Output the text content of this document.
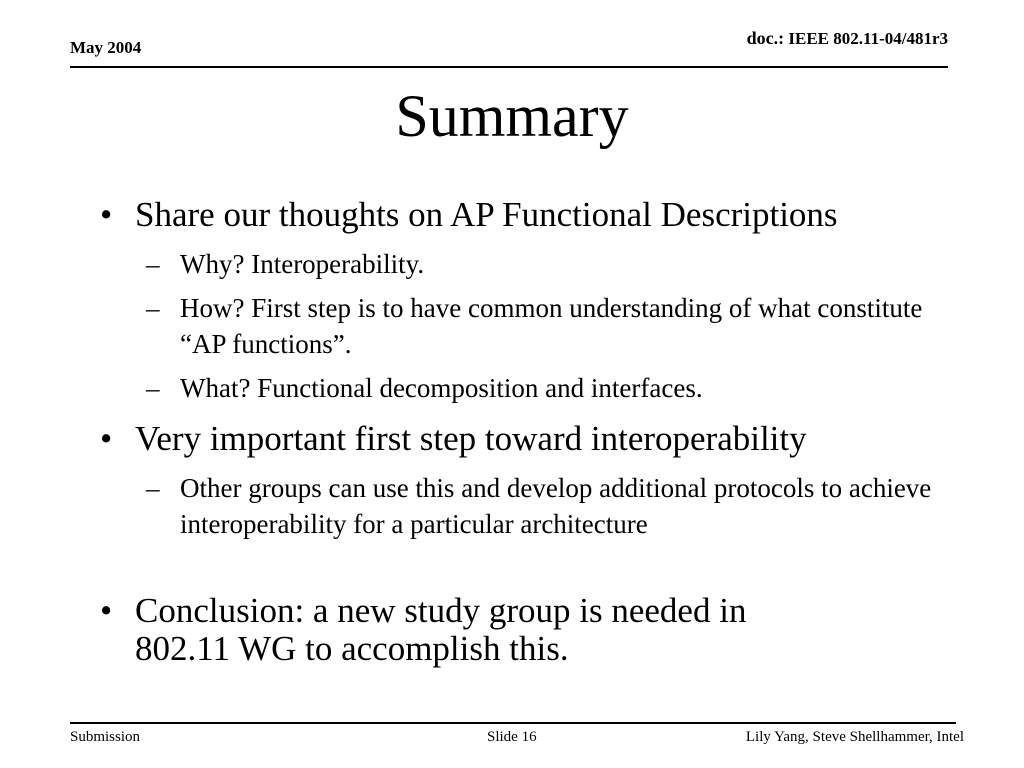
May 2004	doc.: IEEE 802.11-04/481r3
Summary
• Share our thoughts on AP Functional Descriptions
– Why? Interoperability.
– How? First step is to have common understanding of what constitute “AP functions”.
– What? Functional decomposition and interfaces.
• Very important first step toward interoperability
– Other groups can use this and develop additional protocols to achieve interoperability for a particular architecture
• Conclusion: a new study group is needed in 802.11 WG to accomplish this.
Submission	Slide 16	Lily Yang, Steve Shellhammer, Intel
